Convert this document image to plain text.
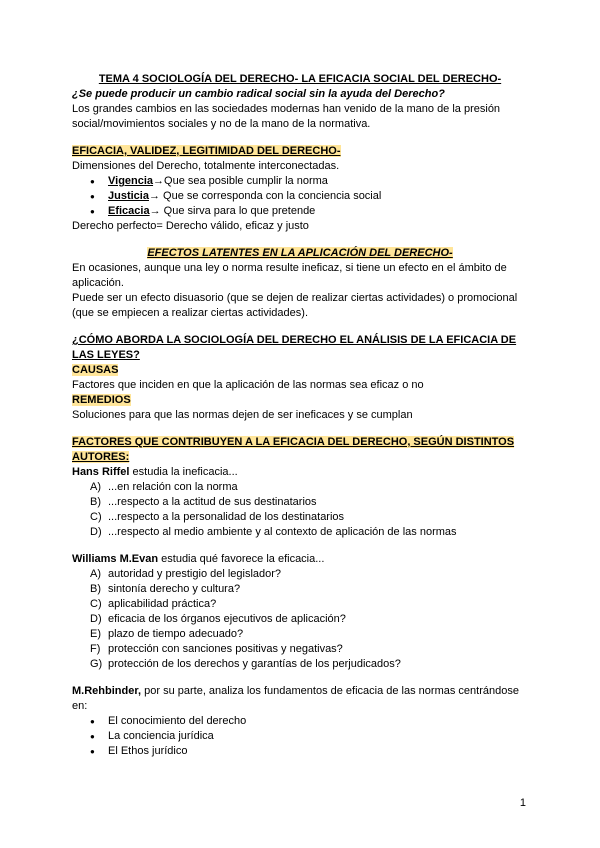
TEMA 4 SOCIOLOGÍA DEL DERECHO- LA EFICACIA SOCIAL DEL DERECHO-

¿Se puede producir un cambio radical social sin la ayuda del Derecho?

Los grandes cambios en las sociedades modernas han venido de la mano de la presión social/movimientos sociales y no de la mano de la normativa.

EFICACIA, VALIDEZ, LEGITIMIDAD DEL DERECHO-

Dimensiones del Derecho, totalmente interconectadas.

● Vigencia→Que sea posible cumplir la norma
● Justicia→ Que se corresponda con la conciencia social
● Eficacia→ Que sirva para lo que pretende

Derecho perfecto= Derecho válido, eficaz y justo

EFECTOS LATENTES EN LA APLICACIÓN DEL DERECHO-

En ocasiones, aunque una ley o norma resulte ineficaz, si tiene un efecto en el ámbito de aplicación.

Puede ser un efecto disuasorio (que se dejen de realizar ciertas actividades) o promocional (que se empiecen a realizar ciertas actividades).

¿CÓMO ABORDA LA SOCIOLOGÍA DEL DERECHO EL ANÁLISIS DE LA EFICACIA DE LAS LEYES?

CAUSAS

Factores que inciden en que la aplicación de las normas sea eficaz o no

REMEDIOS

Soluciones para que las normas dejen de ser ineficaces y se cumplan

FACTORES QUE CONTRIBUYEN A LA EFICACIA DEL DERECHO, SEGÚN DISTINTOS AUTORES:

Hans Riffel estudia la ineficacia...

A) ...en relación con la norma
B) ...respecto a la actitud de sus destinatarios
C) ...respecto a la personalidad de los destinatarios
D) ...respecto al medio ambiente y al contexto de aplicación de las normas

Williams M.Evan estudia qué favorece la eficacia...

A) autoridad y prestigio del legislador?
B) sintonía derecho y cultura?
C) aplicabilidad práctica?
D) eficacia de los órganos ejecutivos de aplicación?
E) plazo de tiempo adecuado?
F) protección con sanciones positivas y negativas?
G) protección de los derechos y garantías de los perjudicados?

M.Rehbinder, por su parte, analiza los fundamentos de eficacia de las normas centrándose en:

● El conocimiento del derecho
● La conciencia jurídica
● El Ethos jurídico
1
